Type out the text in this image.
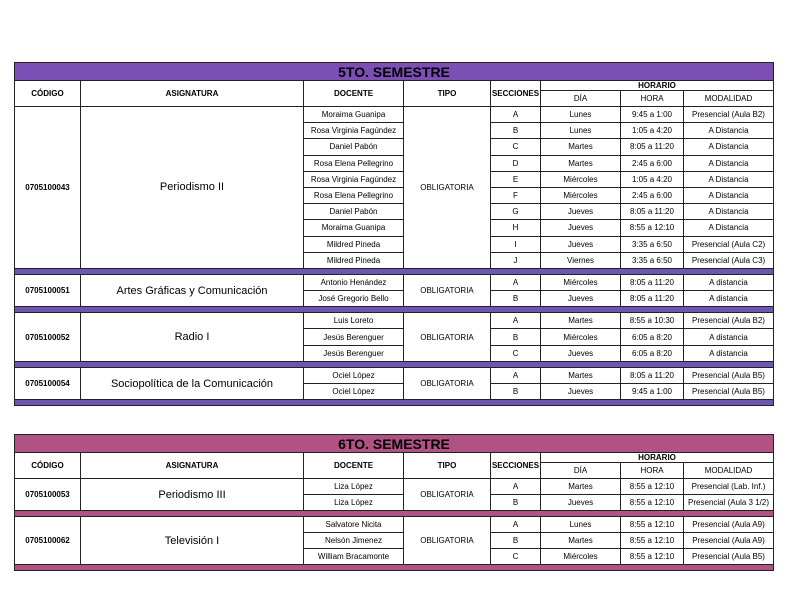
5TO. SEMESTRE							
CÓDIGO	ASIGNATURA	DOCENTE	TIPO	SECCIONES	HORARIO		
					DÍA	HORA	MODALIDAD
0705100043	Periodismo II	Moraima Guanipa	OBLIGATORIA	A	Lunes	9:45 a 1:00	Presencial (Aula B2)
		Rosa Virginia Fagúndez		B	Lunes	1:05 a 4:20	A Distancia
		Daniel Pabón		C	Martes	8:05 a 11:20	A Distancia
		Rosa Elena Pellegrino		D	Martes	2:45 a 6:00	A Distancia
		Rosa Virginia Fagúndez		E	Miércoles	1:05 a 4:20	A Distancia
		Rosa Elena Pellegrino		F	Miércoles	2:45 a 6:00	A Distancia
		Daniel Pabón		G	Jueves	8:05 a 11:20	A Distancia
		Moraima Guanipa		H	Jueves	8:55 a 12:10	A Distancia
		Mildred Pineda		I	Jueves	3:35 a 6:50	Presencial (Aula C2)
		Mildred Pineda		J	Viernes	3:35 a 6:50	Presencial (Aula C3)

0705100051	Artes Gráficas y Comunicación	Antonio Henández	OBLIGATORIA	A	Miércoles	8:05 a 11:20	A distancia
		José Gregorio Bello		B	Jueves	8:05 a 11:20	A distancia

0705100052	Radio I	Luis Loreto	OBLIGATORIA	A	Martes	8:55 a 10:30	Presencial (Aula B2)
		Jesús Berenguer		B	Miércoles	6:05 a 8:20	A distancia
		Jesús Berenguer		C	Jueves	6:05 a 8:20	A distancia

0705100054	Sociopolítica de la Comunicación	Ociel López	OBLIGATORIA	A	Martes	8:05 a 11:20	Presencial (Aula B5)
		Ociel López		B	Jueves	9:45 a 1:00	Presencial (Aula B5)

6TO. SEMESTRE							
CÓDIGO	ASIGNATURA	DOCENTE	TIPO	SECCIONES	HORARIO		
					DÍA	HORA	MODALIDAD
0705100053	Periodismo III	Liza López	OBLIGATORIA	A	Martes	8:55 a 12:10	Presencial (Lab. Inf.)
		Liza López		B	Jueves	8:55 a 12:10	Presencial (Aula 3 1/2)

0705100062	Televisión I	Salvatore Nicita	OBLIGATORIA	A	Lunes	8:55 a 12:10	Presencial (Aula A9)
		Nelsón Jimenez		B	Martes	8:55 a 12:10	Presencial (Aula A9)
		William Bracamonte		C	Miércoles	8:55 a 12:10	Presencial (Aula B5)
